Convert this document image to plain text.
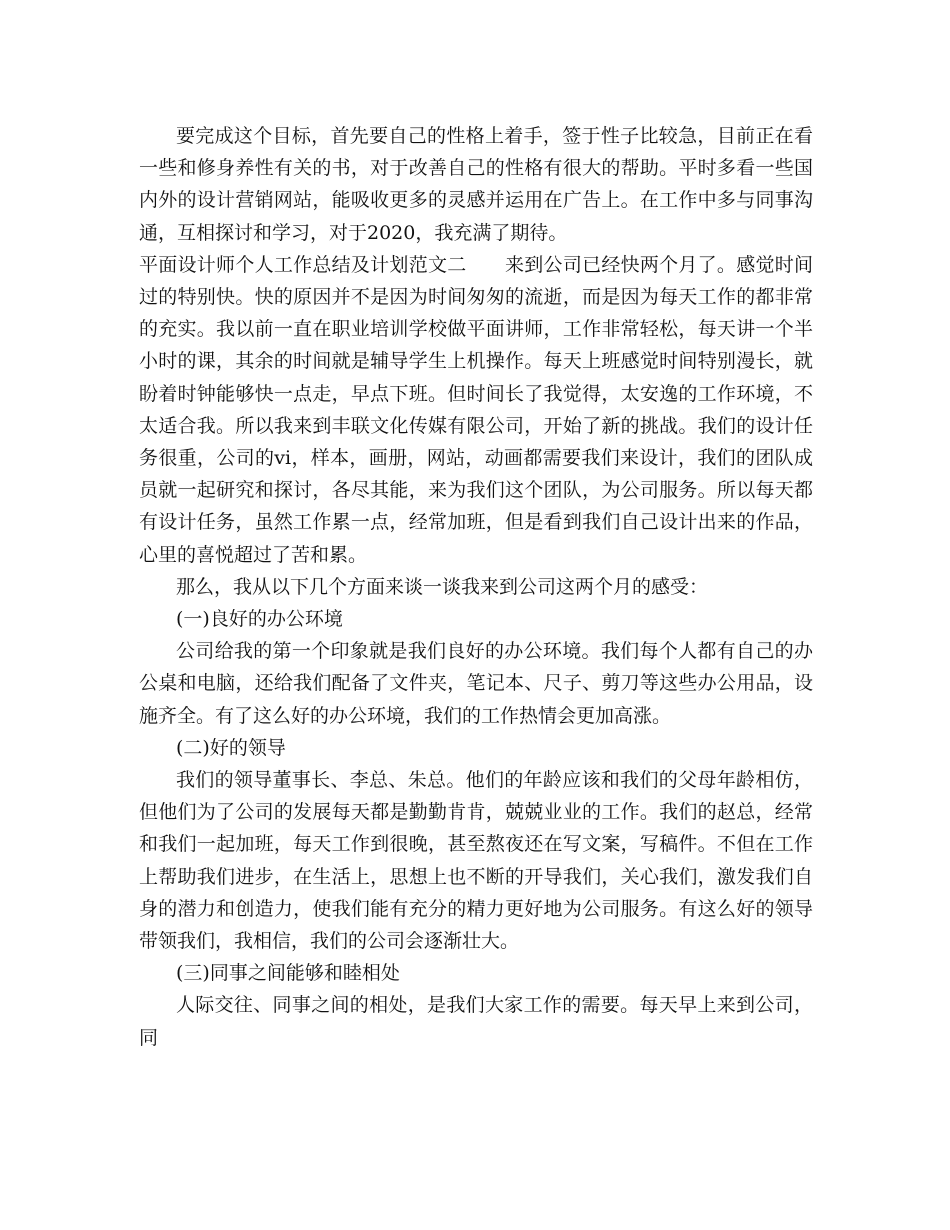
要完成这个目标，首先要自己的性格上着手，签于性子比较急，目前正在看一些和修身养性有关的书，对于改善自己的性格有很大的帮助。平时多看一些国内外的设计营销网站，能吸收更多的灵感并运用在广告上。在工作中多与同事沟通，互相探讨和学习，对于2020，我充满了期待。

平面设计师个人工作总结及计划范文二　　来到公司已经快两个月了。感觉时间过的特别快。快的原因并不是因为时间匆匆的流逝，而是因为每天工作的都非常的充实。我以前一直在职业培训学校做平面讲师，工作非常轻松，每天讲一个半小时的课，其余的时间就是辅导学生上机操作。每天上班感觉时间特别漫长，就盼着时钟能够快一点走，早点下班。但时间长了我觉得，太安逸的工作环境，不太适合我。所以我来到丰联文化传媒有限公司，开始了新的挑战。我们的设计任务很重，公司的vi，样本，画册，网站，动画都需要我们来设计，我们的团队成员就一起研究和探讨，各尽其能，来为我们这个团队，为公司服务。所以每天都有设计任务，虽然工作累一点，经常加班，但是看到我们自己设计出来的作品，心里的喜悦超过了苦和累。

那么，我从以下几个方面来谈一谈我来到公司这两个月的感受：

(一)良好的办公环境

公司给我的第一个印象就是我们良好的办公环境。我们每个人都有自己的办公桌和电脑，还给我们配备了文件夹，笔记本、尺子、剪刀等这些办公用品，设施齐全。有了这么好的办公环境，我们的工作热情会更加高涨。

(二)好的领导

我们的领导董事长、李总、朱总。他们的年龄应该和我们的父母年龄相仿，但他们为了公司的发展每天都是勤勤肯肯，兢兢业业的工作。我们的赵总，经常和我们一起加班，每天工作到很晚，甚至熬夜还在写文案，写稿件。不但在工作上帮助我们进步，在生活上，思想上也不断的开导我们，关心我们，激发我们自身的潜力和创造力，使我们能有充分的精力更好地为公司服务。有这么好的领导带领我们，我相信，我们的公司会逐渐壮大。

(三)同事之间能够和睦相处

人际交往、同事之间的相处，是我们大家工作的需要。每天早上来到公司，同
